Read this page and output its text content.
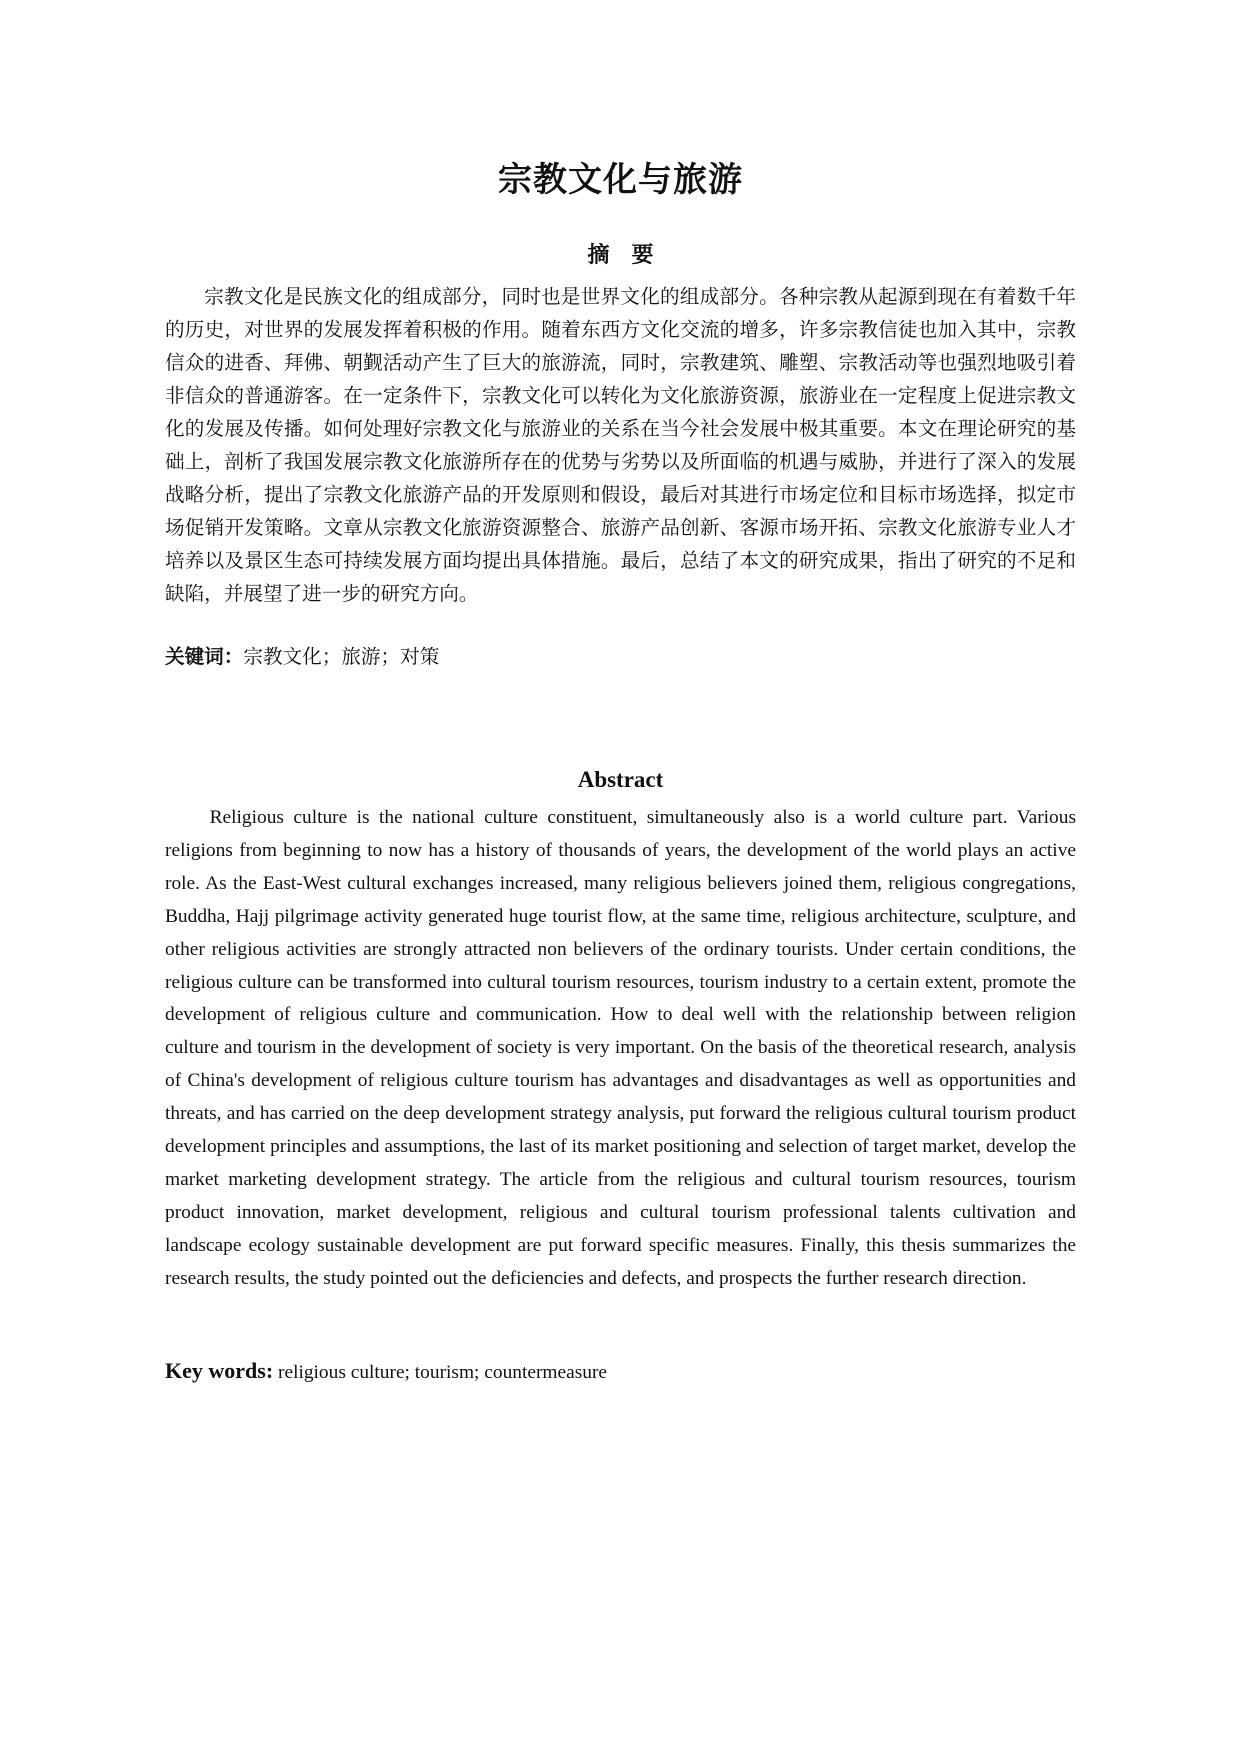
宗教文化与旅游
摘　要

宗教文化是民族文化的组成部分，同时也是世界文化的组成部分。各种宗教从起源到现在有着数千年的历史，对世界的发展发挥着积极的作用。随着东西方文化交流的增多，许多宗教信徒也加入其中，宗教信众的进香、拜佛、朝觐活动产生了巨大的旅游流，同时，宗教建筑、雕塑、宗教活动等也强烈地吸引着非信众的普通游客。在一定条件下，宗教文化可以转化为文化旅游资源，旅游业在一定程度上促进宗教文化的发展及传播。如何处理好宗教文化与旅游业的关系在当今社会发展中极其重要。本文在理论研究的基础上，剖析了我国发展宗教文化旅游所存在的优势与劣势以及所面临的机遇与威胁，并进行了深入的发展战略分析，提出了宗教文化旅游产品的开发原则和假设，最后对其进行市场定位和目标市场选择，拟定市场促销开发策略。文章从宗教文化旅游资源整合、旅游产品创新、客源市场开拓、宗教文化旅游专业人才培养以及景区生态可持续发展方面均提出具体措施。最后，总结了本文的研究成果，指出了研究的不足和缺陷，并展望了进一步的研究方向。

关键词：宗教文化；旅游；对策
Abstract

Religious culture is the national culture constituent, simultaneously also is a world culture part. Various religions from beginning to now has a history of thousands of years, the development of the world plays an active role. As the East-West cultural exchanges increased, many religious believers joined them, religious congregations, Buddha, Hajj pilgrimage activity generated huge tourist flow, at the same time, religious architecture, sculpture, and other religious activities are strongly attracted non believers of the ordinary tourists. Under certain conditions, the religious culture can be transformed into cultural tourism resources, tourism industry to a certain extent, promote the development of religious culture and communication. How to deal well with the relationship between religion culture and tourism in the development of society is very important. On the basis of the theoretical research, analysis of China's development of religious culture tourism has advantages and disadvantages as well as opportunities and threats, and has carried on the deep development strategy analysis, put forward the religious cultural tourism product development principles and assumptions, the last of its market positioning and selection of target market, develop the market marketing development strategy. The article from the religious and cultural tourism resources, tourism product innovation, market development, religious and cultural tourism professional talents cultivation and landscape ecology sustainable development are put forward specific measures. Finally, this thesis summarizes the research results, the study pointed out the deficiencies and defects, and prospects the further research direction.

Key words: religious culture; tourism; countermeasure
